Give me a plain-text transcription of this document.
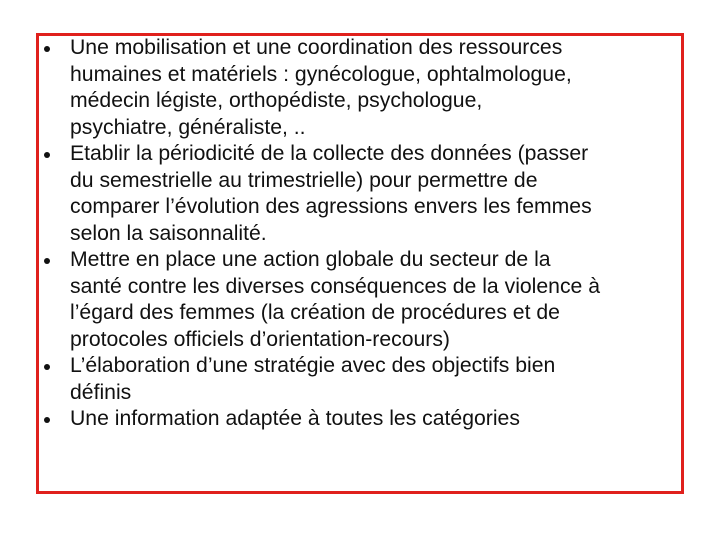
Une mobilisation et une coordination des ressources
humaines et matériels : gynécologue, ophtalmologue,
médecin légiste, orthopédiste, psychologue,
psychiatre, généraliste, ..
Etablir la périodicité de la collecte des données (passer
du semestrielle au trimestrielle) pour permettre de
comparer l’évolution des agressions envers les femmes
selon la saisonnalité.
Mettre en place une action globale du secteur de la
santé contre les diverses conséquences de la violence à
l’égard des femmes (la création de procédures et de
protocoles officiels d’orientation-recours)
L’élaboration d’une stratégie avec des objectifs bien
définis
Une information adaptée à toutes les catégories
